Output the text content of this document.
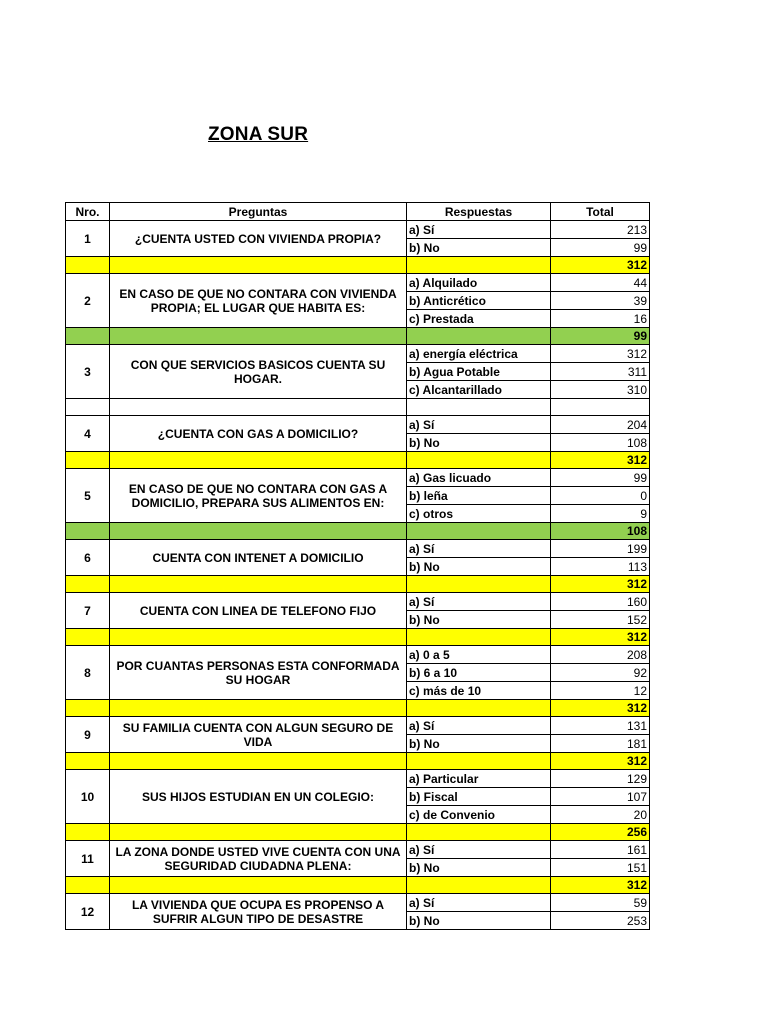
ZONA SUR
Nro.	Preguntas	Respuestas	Total
1	¿CUENTA USTED CON VIVIENDA PROPIA?	a) Sí	213
		b) No	99
			312
2	EN CASO DE QUE NO CONTARA CON VIVIENDA PROPIA; EL LUGAR QUE HABITA ES:	a) Alquilado	44
		b) Anticrético	39
		c) Prestada	16
			99
3	CON QUE SERVICIOS BASICOS CUENTA SU HOGAR.	a) energía eléctrica	312
		b) Agua Potable	311
		c) Alcantarillado	310

4	¿CUENTA CON GAS A DOMICILIO?	a) Sí	204
		b) No	108
			312
5	EN CASO DE QUE NO CONTARA CON GAS A DOMICILIO, PREPARA SUS ALIMENTOS EN:	a) Gas licuado	99
		b) leña	0
		c) otros	9
			108
6	CUENTA CON INTENET A DOMICILIO	a) Sí	199
		b) No	113
			312
7	CUENTA CON LINEA DE TELEFONO FIJO	a) Sí	160
		b) No	152
			312
8	POR CUANTAS PERSONAS ESTA CONFORMADA SU HOGAR	a) 0 a 5	208
		b) 6 a 10	92
		c) más de 10	12
			312
9	SU FAMILIA CUENTA CON ALGUN SEGURO DE VIDA	a) Sí	131
		b) No	181
			312
10	SUS HIJOS ESTUDIAN EN UN COLEGIO:	a) Particular	129
		b) Fiscal	107
		c) de Convenio	20
			256
11	LA ZONA DONDE USTED VIVE CUENTA CON UNA SEGURIDAD CIUDADNA PLENA:	a) Sí	161
		b) No	151
			312
12	LA VIVIENDA QUE OCUPA ES PROPENSO A SUFRIR ALGUN TIPO DE DESASTRE	a) Sí	59
		b) No	253
